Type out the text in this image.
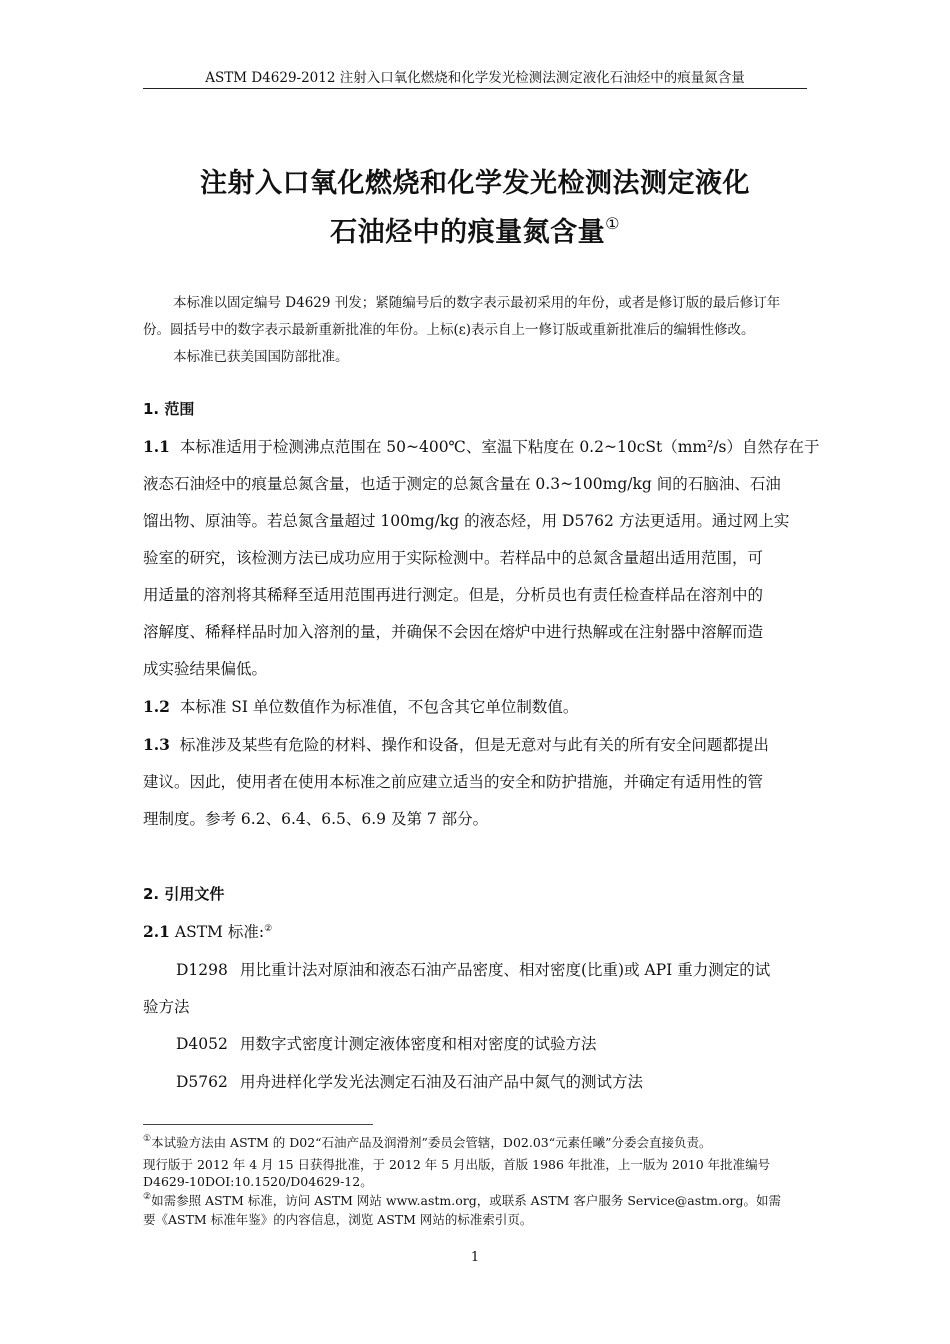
ASTM D4629-2012 注射入口氧化燃烧和化学发光检测法测定液化石油烃中的痕量氮含量
注射入口氧化燃烧和化学发光检测法测定液化
石油烃中的痕量氮含量①
本标准以固定编号 D4629 刊发；紧随编号后的数字表示最初采用的年份，或者是修订版的最后修订年
份。圆括号中的数字表示最新重新批准的年份。上标(ε)表示自上一修订版或重新批准后的编辑性修改。
本标准已获美国国防部批准。
1. 范围
1.1 本标准适用于检测沸点范围在 50~400℃、室温下粘度在 0.2~10cSt（mm²/s）自然存在于
液态石油烃中的痕量总氮含量，也适于测定的总氮含量在 0.3~100mg/kg 间的石脑油、石油
馏出物、原油等。若总氮含量超过 100mg/kg 的液态烃，用 D5762 方法更适用。通过网上实
验室的研究，该检测方法已成功应用于实际检测中。若样品中的总氮含量超出适用范围，可
用适量的溶剂将其稀释至适用范围再进行测定。但是，分析员也有责任检查样品在溶剂中的
溶解度、稀释样品时加入溶剂的量，并确保不会因在熔炉中进行热解或在注射器中溶解而造
成实验结果偏低。
1.2 本标准 SI 单位数值作为标准值，不包含其它单位制数值。
1.3 标准涉及某些有危险的材料、操作和设备，但是无意对与此有关的所有安全问题都提出
建议。因此，使用者在使用本标准之前应建立适当的安全和防护措施，并确定有适用性的管
理制度。参考 6.2、6.4、6.5、6.9 及第 7 部分。
2. 引用文件
2.1 ASTM 标准:②
D1298 用比重计法对原油和液态石油产品密度、相对密度(比重)或 API 重力测定的试
验方法
D4052 用数字式密度计测定液体密度和相对密度的试验方法
D5762 用舟进样化学发光法测定石油及石油产品中氮气的测试方法
①本试验方法由 ASTM 的 D02“石油产品及润滑剂”委员会管辖，D02.03“元素任曦”分委会直接负责。
现行版于 2012 年 4 月 15 日获得批准，于 2012 年 5 月出版，首版 1986 年批准，上一版为 2010 年批准编号
D4629-10DOI:10.1520/D04629-12。
②如需参照 ASTM 标准，访问 ASTM 网站 www.astm.org，或联系 ASTM 客户服务 Service@astm.org。如需
要《ASTM 标准年鉴》的内容信息，浏览 ASTM 网站的标准索引页。
1
